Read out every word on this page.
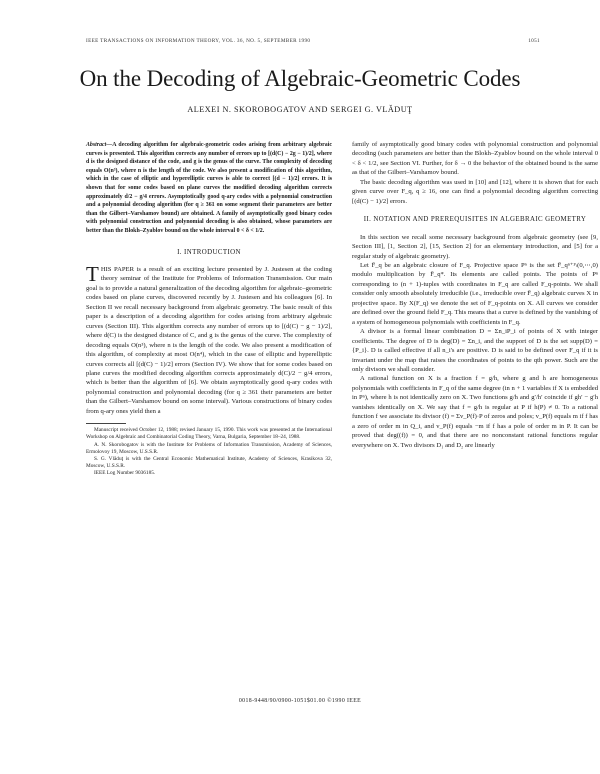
IEEE TRANSACTIONS ON INFORMATION THEORY, VOL. 36, NO. 5, SEPTEMBER 1990	1051
On the Decoding of Algebraic-Geometric Codes
ALEXEI N. SKOROBOGATOV AND SERGEI G. VLĂDUŢ

Abstract—A decoding algorithm for algebraic-geometric codes arising from arbitrary algebraic curves is presented. This algorithm corrects any number of errors up to [(d(C) − 2g − 1)/2], where d is the designed distance of the code, and g is the genus of the curve. The complexity of decoding equals O(n³), where n is the length of the code. We also present a modification of this algorithm, which in the case of elliptic and hyperelliptic curves is able to correct [(d − 1)/2] errors. It is shown that for some codes based on plane curves the modified decoding algorithm corrects approximately d/2 − g/4 errors. Asymptotically good q-ary codes with a polynomial construction and a polynomial decoding algorithm (for q ≥ 361 on some segment their parameters are better than the Gilbert–Varshamov bound) are obtained. A family of asymptotically good binary codes with polynomial construction and polynomial decoding is also obtained, whose parameters are better than the Blokh–Zyablov bound on the whole interval 0 < δ < 1/2.

I. INTRODUCTION

THIS PAPER is a result of an exciting lecture presented by J. Justesen at the coding theory seminar of the Institute for Problems of Information Transmission. Our main goal is to provide a natural generalization of the decoding algorithm for algebraic–geometric codes based on plane curves, discovered recently by J. Justesen and his colleagues [6]. In Section II we recall necessary background from algebraic geometry. The basic result of this paper is a description of a decoding algorithm for codes arising from arbitrary algebraic curves (Section III). This algorithm corrects any number of errors up to [(d(C) − g − 1)/2], where d(C) is the designed distance of C, and g is the genus of the curve. The complexity of decoding equals O(n³), where n is the length of the code. We also present a modification of this algorithm, of complexity at most O(n⁴), which in the case of elliptic and hyperelliptic curves corrects all [(d(C) − 1)/2] errors (Section IV). We show that for some codes based on plane curves the modified decoding algorithm corrects approximately d(C)/2 − g/4 errors, which is better than the algorithm of [6]. We obtain asymptotically good q-ary codes with polynomial construction and polynomial decoding (for q ≥ 361 their parameters are better than the Gilbert–Varshamov bound on some interval). Various constructions of binary codes from q-ary ones yield then a

Manuscript received October 12, 1988; revised January 15, 1990. This work was presented at the International Workshop on Algebraic and Combinatorial Coding Theory, Varna, Bulgaria, September 18–24, 1988.

A. N. Skorobogatov is with the Institute for Problems of Information Transmission, Academy of Sciences, Ermolovoy 19, Moscow, U.S.S.R.

S. G. Vlăduţ is with the Central Economic Mathematical Institute, Academy of Sciences, Krasikova 32, Moscow, U.S.S.R.

IEEE Log Number 9036185.

family of asymptotically good binary codes with polynomial construction and polynomial decoding (such parameters are better than the Blokh–Zyablov bound on the whole interval 0 < δ < 1/2, see Section VI. Further, for δ → 0 the behavior of the obtained bound is the same as that of the Gilbert–Varshamov bound.

The basic decoding algorithm was used in [10] and [12], where it is shown that for each given curve over F_q, q ≥ 16, one can find a polynomial decoding algorithm correcting [(d(C) − 1)/2] errors.

II. NOTATION AND PREREQUISITES IN ALGEBRAIC GEOMETRY

In this section we recall some necessary background from algebraic geometry (see [9, Section III], [1, Section 2], [15, Section 2] for an elementary introduction, and [5] for a regular study of algebraic geometry).

Let F̄_q be an algebraic closure of F_q. Projective space Pⁿ is the set F̄_qⁿ⁺¹\(0,⋯,0) modulo multiplication by F̄_q*. Its elements are called points. The points of Pⁿ corresponding to (n + 1)-tuples with coordinates in F_q are called F_q-points. We shall consider only smooth absolutely irreducible (i.e., irreducible over F̄_q) algebraic curves X in projective space. By X(F_q) we denote the set of F_q-points on X. All curves we consider are defined over the ground field F_q. This means that a curve is defined by the vanishing of a system of homogeneous polynomials with coefficients in F_q.

A divisor is a formal linear combination D = Σn_iP_i of points of X with integer coefficients. The degree of D is deg(D) = Σn_i, and the support of D is the set supp(D) = {P_i}. D is called effective if all n_i's are positive. D is said to be defined over F_q if it is invariant under the map that raises the coordinates of points to the qth power. Such are the only divisors we shall consider.

A rational function on X is a fraction f = g/h, where g and h are homogeneous polynomials with coefficients in F_q of the same degree (in n + 1 variables if X is embedded in Pⁿ), where h is not identically zero on X. Two functions g/h and g′/h′ coincide if gh′ − g′h vanishes identically on X. We say that f = g/h is regular at P if h(P) ≠ 0. To a rational function f we associate its divisor (f) = Σv_P(f)·P of zeros and poles; v_P(f) equals m if f has a zero of order m in Q_i, and v_P(f) equals −m if f has a pole of order m in P. It can be proved that deg((f)) = 0, and that there are no nonconstant rational functions regular everywhere on X. Two divisors D₁ and D₂ are linearly

0018-9448/90/0900-1051$01.00 ©1990 IEEE
